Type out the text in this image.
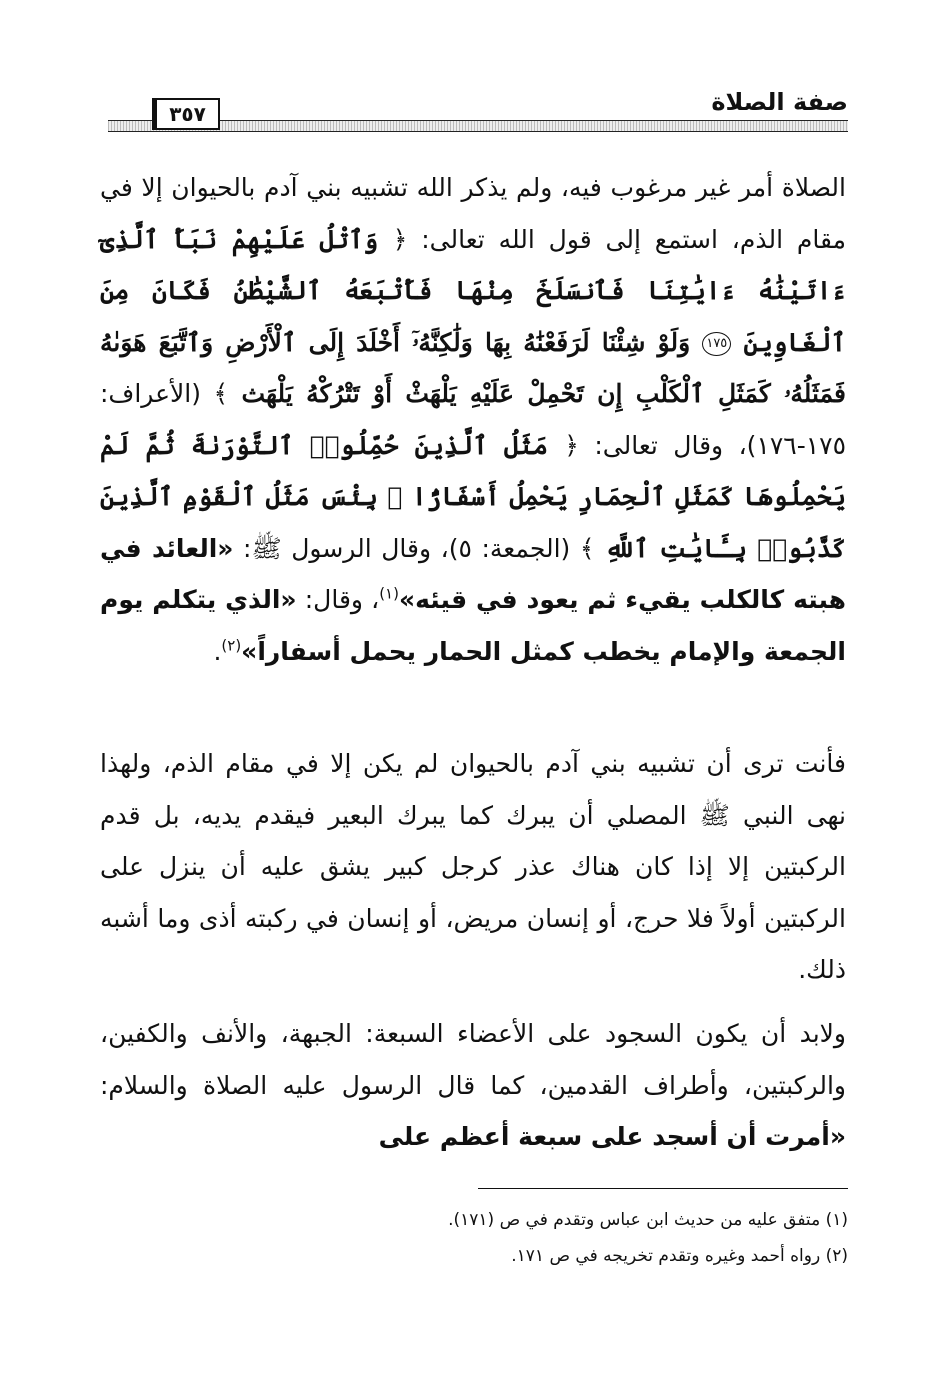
صفة الصلاة
٣٥٧
الصلاة أمر غير مرغوب فيه، ولم يذكر الله تشبيه بني آدم بالحيوان إلا في مقام الذم، استمع إلى قول الله تعالى: ﴿ وَٱتْلُ عَلَيْهِمْ نَبَأَ ٱلَّذِىٓ ءَاتَيْنَٰهُ ءَايَٰتِنَا فَٱنسَلَخَ مِنْهَا فَأَتْبَعَهُ ٱلشَّيْطَٰنُ فَكَانَ مِنَ ٱلْغَاوِينَ ١٧٥ وَلَوْ شِئْنَا لَرَفَعْنَٰهُ بِهَا وَلَٰكِنَّهُۥٓ أَخْلَدَ إِلَى ٱلْأَرْضِ وَٱتَّبَعَ هَوَىٰهُ فَمَثَلُهُۥ كَمَثَلِ ٱلْكَلْبِ إِن تَحْمِلْ عَلَيْهِ يَلْهَثْ أَوْ تَتْرُكْهُ يَلْهَث ﴾ (الأعراف: ١٧٥-١٧٦)، وقال تعالى: ﴿ مَثَلُ ٱلَّذِينَ حُمِّلُوا۟ ٱلتَّوْرَىٰةَ ثُمَّ لَمْ يَحْمِلُوهَا كَمَثَلِ ٱلْحِمَارِ يَحْمِلُ أَسْفَارًۢا ۚ بِئْسَ مَثَلُ ٱلْقَوْمِ ٱلَّذِينَ كَذَّبُوا۟ بِـَٔايَٰتِ ٱللَّهِ ﴾ (الجمعة: ٥)، وقال الرسول ﷺ: «العائد في هبته كالكلب يقيء ثم يعود في قيئه»$^{(١)}$، وقال: «الذي يتكلم يوم الجمعة والإمام يخطب كمثل الحمار يحمل أسفاراً»$^{(٢)}$.
فأنت ترى أن تشبيه بني آدم بالحيوان لم يكن إلا في مقام الذم، ولهذا نهى النبي ﷺ المصلي أن يبرك كما يبرك البعير فيقدم يديه، بل قدم الركبتين إلا إذا كان هناك عذر كرجل كبير يشق عليه أن ينزل على الركبتين أولاً فلا حرج، أو إنسان مريض، أو إنسان في ركبته أذى وما أشبه ذلك.
ولابد أن يكون السجود على الأعضاء السبعة: الجبهة، والأنف والكفين، والركبتين، وأطراف القدمين، كما قال الرسول عليه الصلاة والسلام: «أمرت أن أسجد على سبعة أعظم على
(١) متفق عليه من حديث ابن عباس وتقدم في ص (١٧١).
(٢) رواه أحمد وغيره وتقدم تخريجه في ص ١٧١.
